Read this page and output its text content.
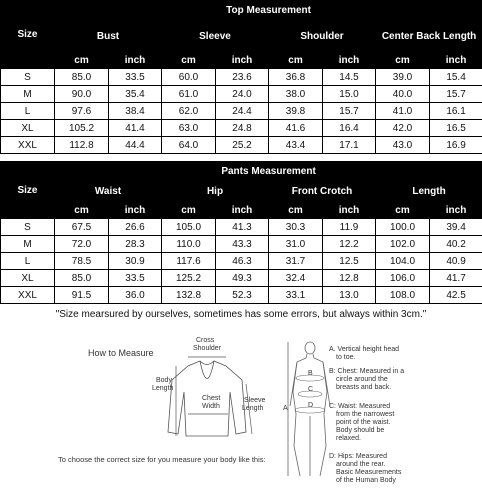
Size	Top Measurement							
	Bust		Sleeve		Shoulder		Center Back Length	
	cm	inch	cm	inch	cm	inch	cm	inch
S	85.0	33.5	60.0	23.6	36.8	14.5	39.0	15.4
M	90.0	35.4	61.0	24.0	38.0	15.0	40.0	15.7
L	97.6	38.4	62.0	24.4	39.8	15.7	41.0	16.1
XL	105.2	41.4	63.0	24.8	41.6	16.4	42.0	16.5
XXL	112.8	44.4	64.0	25.2	43.4	17.1	43.0	16.9
Size	Pants Measurement							
	Waist		Hip		Front Crotch		Length	
	cm	inch	cm	inch	cm	inch	cm	inch
S	67.5	26.6	105.0	41.3	30.3	11.9	100.0	39.4
M	72.0	28.3	110.0	43.3	31.0	12.2	102.0	40.2
L	78.5	30.9	117.6	46.3	31.7	12.5	104.0	40.9
XL	85.0	33.5	125.2	49.3	32.4	12.8	106.0	41.7
XXL	91.5	36.0	132.8	52.3	33.1	13.0	108.0	42.5
"Size mearsured by ourselves, sometimes has some errors, but always within 3cm."
How to Measure
Cross
Shoulder
Body
Length
Chest
Width
Sleeve
Length
To choose the correct size for you measure your body like this:
A
B
C
D
A. Vertical height head
to toe.
B: Chest: Measured in a
circle around the
breasts and back.
C: Waist: Measured
from the narrowest
point of the waist.
Body should be
relaxed.
D: Hips: Measured
around the rear.
Basic Measurements
of the Human Body
